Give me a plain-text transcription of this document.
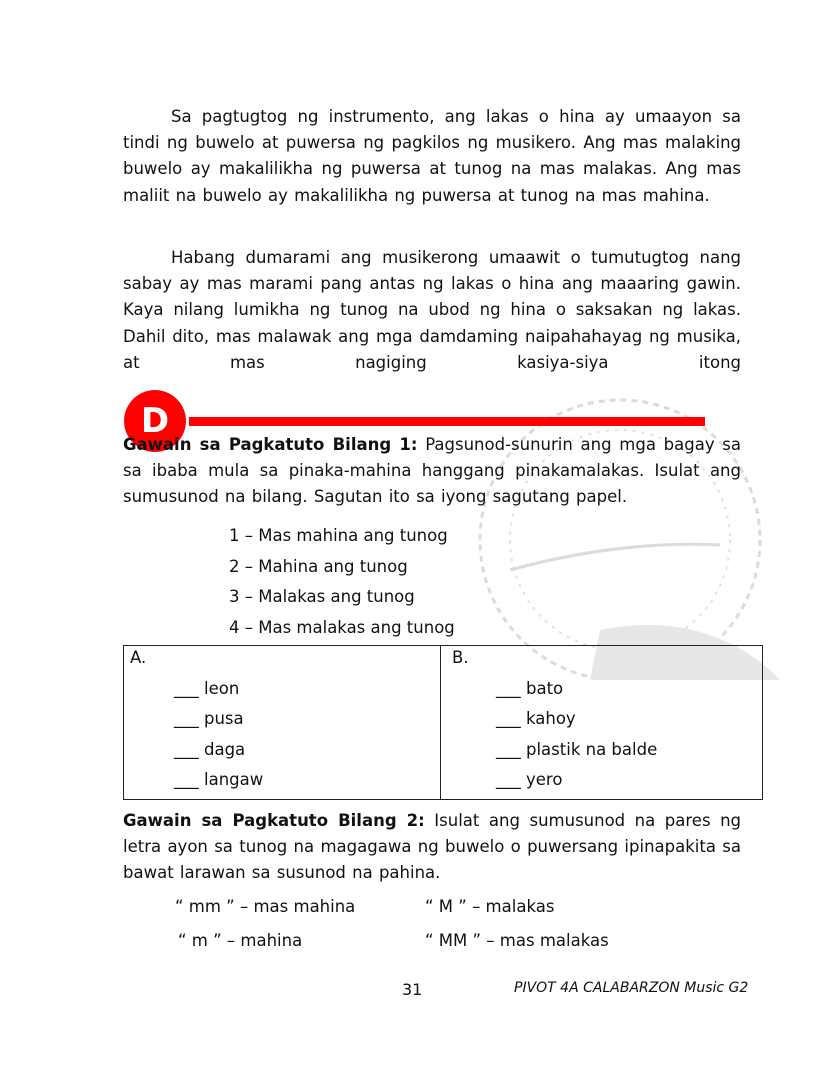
Sa pagtugtog ng instrumento, ang lakas o hina ay umaayon sa tindi ng buwelo at puwersa ng pagkilos ng musikero. Ang mas malaking buwelo ay makalilikha ng puwersa at tunog na mas malakas. Ang mas maliit na buwelo ay makalilikha ng puwersa at tunog na mas mahina.
Habang dumarami ang musikerong umaawit o tumutugtog nang sabay ay mas marami pang antas ng lakas o hina ang maaaring gawin. Kaya nilang lumikha ng tunog na ubod ng hina o saksakan ng lakas. Dahil dito, mas malawak ang mga damdaming naipahahayag ng musika, at mas nagiging kasiya-siya itong
D
Gawain sa Pagkatuto Bilang 1: Pagsunod-sunurin ang mga bagay sa sa ibaba mula sa pinaka-mahina hanggang pinakamalakas. Isulat ang sumusunod na bilang. Sagutan ito sa iyong sagutang papel.
1 – Mas mahina ang tunog
2 – Mahina ang tunog
3 – Malakas ang tunog
4 – Mas malakas ang tunog
A.
___ leon
___ pusa
___ daga
___ langaw
B.
___ bato
___ kahoy
___ plastik na balde
___ yero
Gawain sa Pagkatuto Bilang 2: Isulat ang sumusunod na pares ng letra ayon sa tunog na magagawa ng buwelo o puwersang ipinapakita sa bawat larawan sa susunod na pahina.
“ mm ” – mas mahina	“ M ” – malakas
“ m ” – mahina	“ MM ” – mas malakas
31	PIVOT 4A CALABARZON Music G2
